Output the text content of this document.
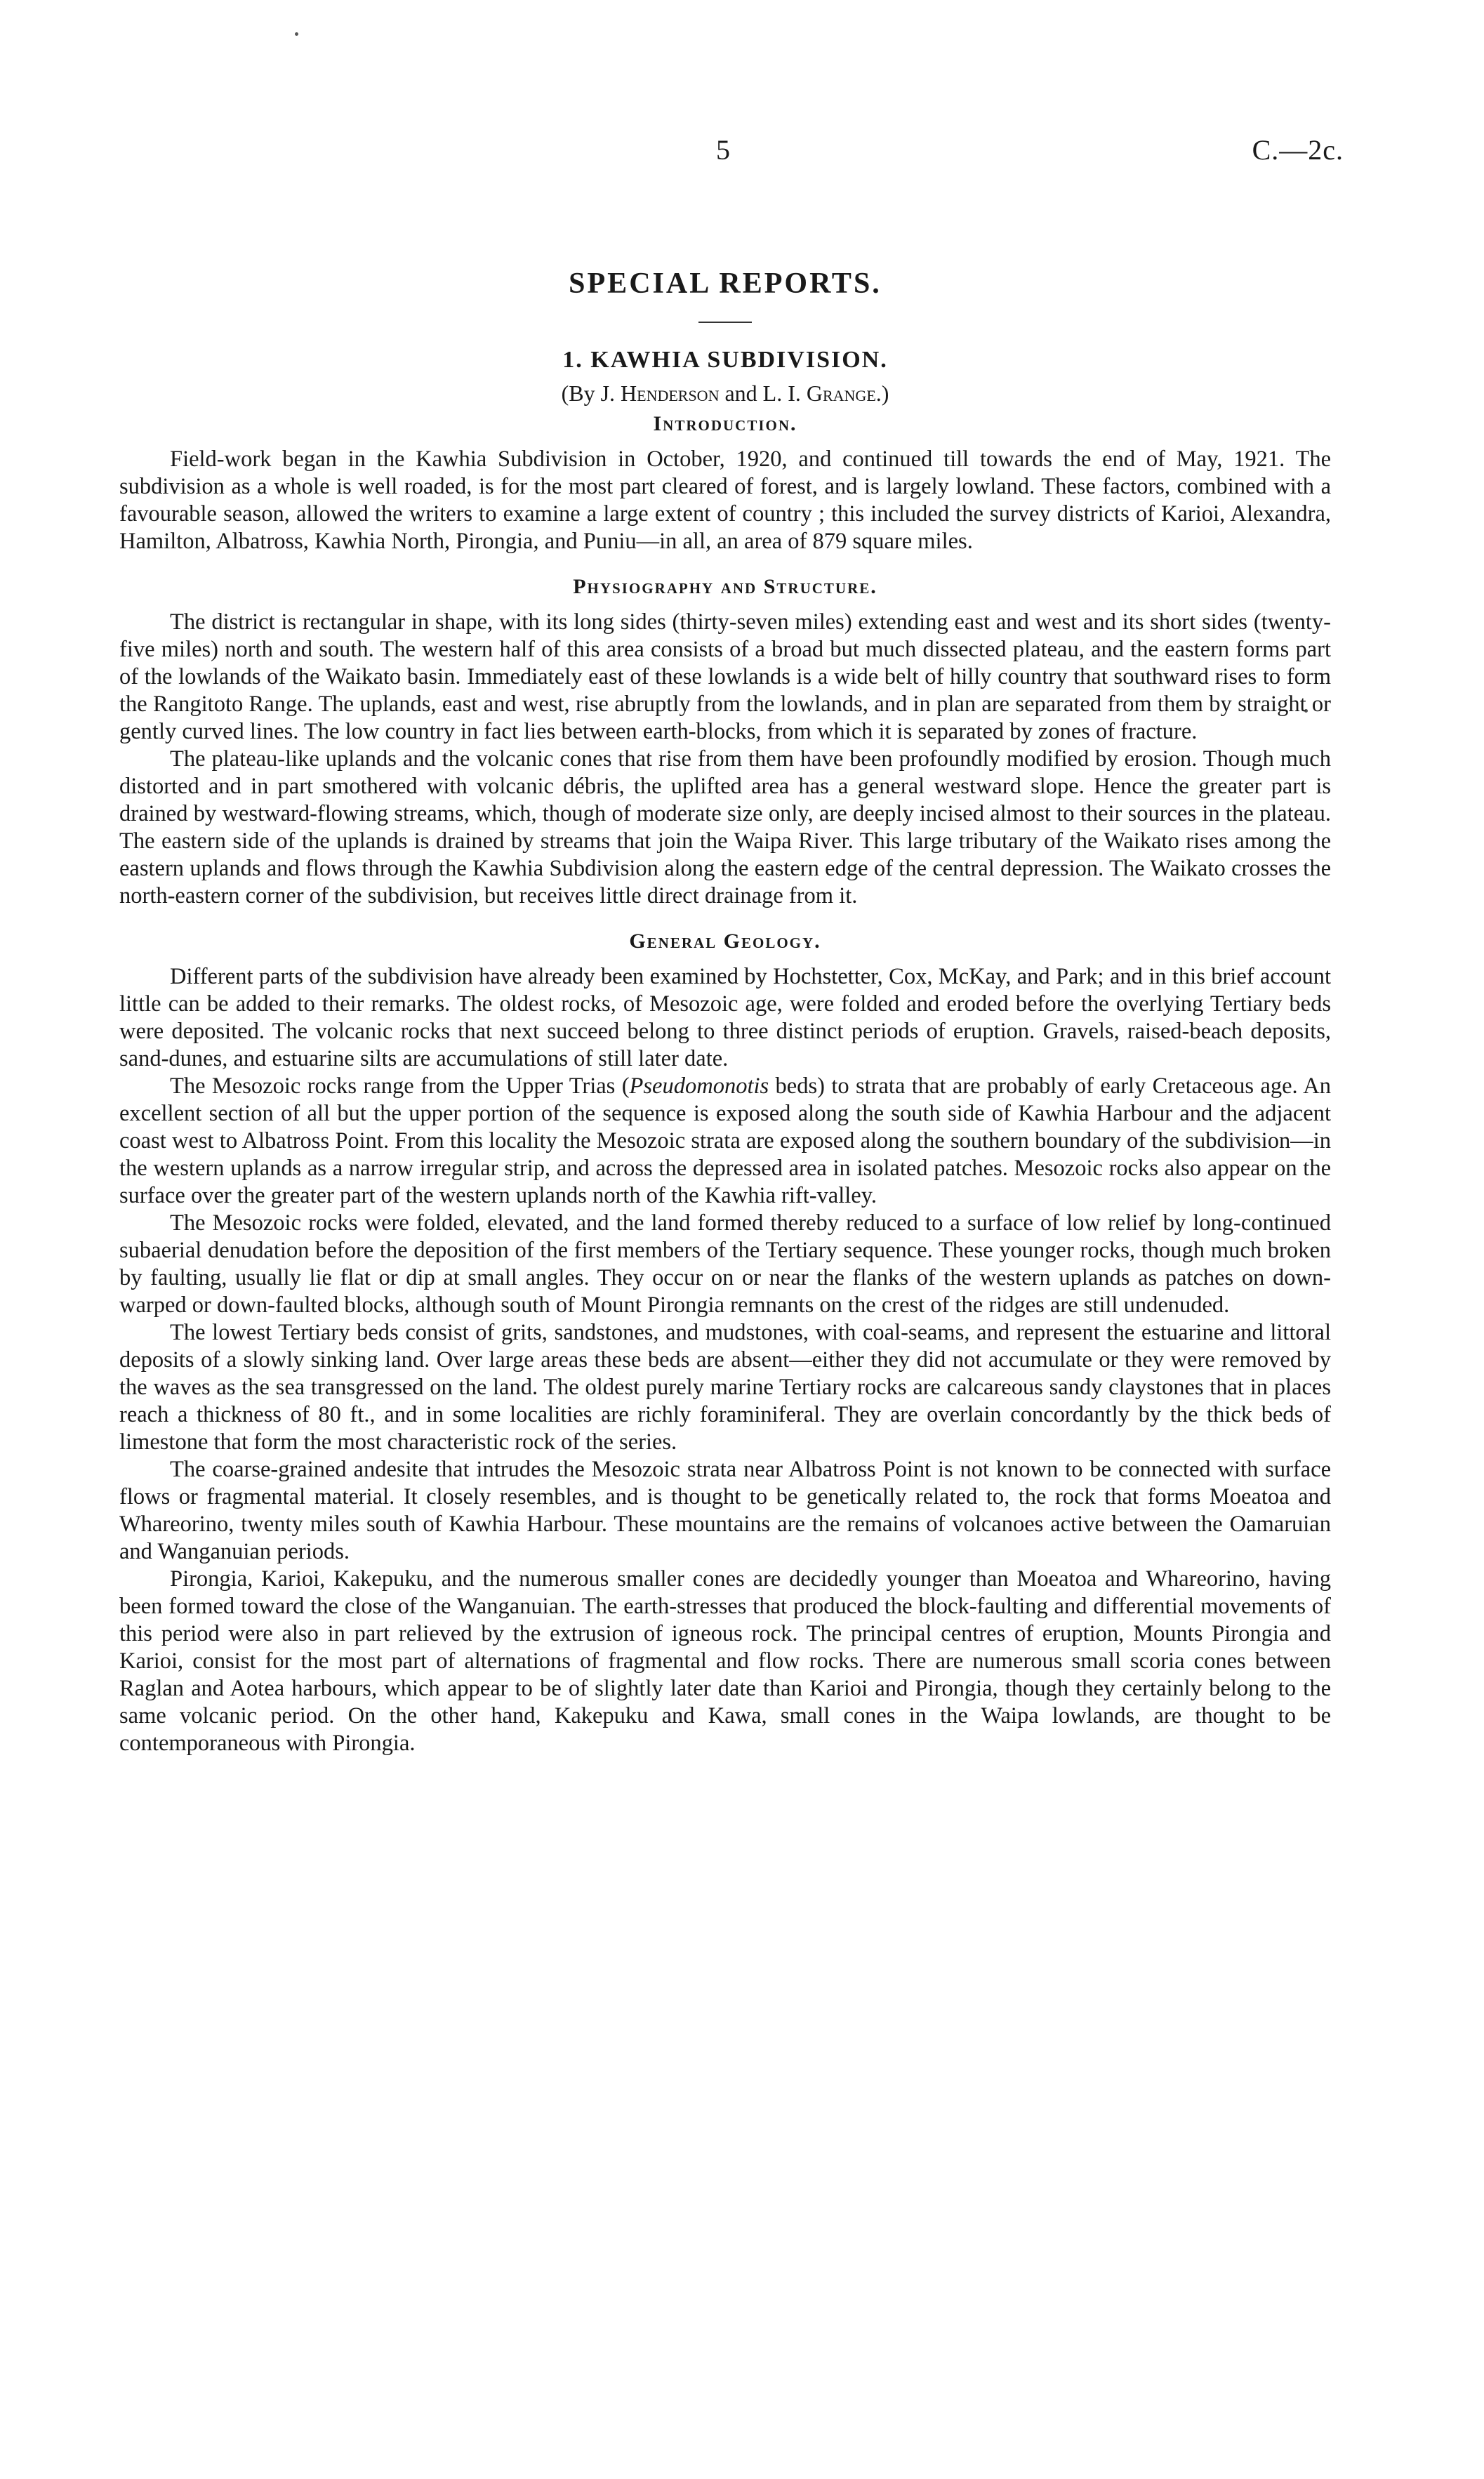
5	C.—2c.
SPECIAL REPORTS.
1. KAWHIA SUBDIVISION.
(By J. Henderson and L. I. Grange.)
Introduction.

Field-work began in the Kawhia Subdivision in October, 1920, and continued till towards the end of May, 1921. The subdivision as a whole is well roaded, is for the most part cleared of forest, and is largely lowland. These factors, combined with a favourable season, allowed the writers to examine a large extent of country ; this included the survey districts of Karioi, Alexandra, Hamilton, Albatross, Kawhia North, Pirongia, and Puniu—in all, an area of 879 square miles.

Physiography and Structure.

The district is rectangular in shape, with its long sides (thirty-seven miles) extending east and west and its short sides (twenty-five miles) north and south. The western half of this area consists of a broad but much dissected plateau, and the eastern forms part of the lowlands of the Waikato basin. Immediately east of these lowlands is a wide belt of hilly country that southward rises to form the Rangitoto Range. The uplands, east and west, rise abruptly from the lowlands, and in plan are separated from them by straight or gently curved lines. The low country in fact lies between earth-blocks, from which it is separated by zones of fracture.

The plateau-like uplands and the volcanic cones that rise from them have been profoundly modified by erosion. Though much distorted and in part smothered with volcanic débris, the uplifted area has a general westward slope. Hence the greater part is drained by westward-flowing streams, which, though of moderate size only, are deeply incised almost to their sources in the plateau. The eastern side of the uplands is drained by streams that join the Waipa River. This large tributary of the Waikato rises among the eastern uplands and flows through the Kawhia Subdivision along the eastern edge of the central depression. The Waikato crosses the north-eastern corner of the subdivision, but receives little direct drainage from it.

General Geology.

Different parts of the subdivision have already been examined by Hochstetter, Cox, McKay, and Park; and in this brief account little can be added to their remarks. The oldest rocks, of Mesozoic age, were folded and eroded before the overlying Tertiary beds were deposited. The volcanic rocks that next succeed belong to three distinct periods of eruption. Gravels, raised-beach deposits, sand-dunes, and estuarine silts are accumulations of still later date.

The Mesozoic rocks range from the Upper Trias (Pseudomonotis beds) to strata that are probably of early Cretaceous age. An excellent section of all but the upper portion of the sequence is exposed along the south side of Kawhia Harbour and the adjacent coast west to Albatross Point. From this locality the Mesozoic strata are exposed along the southern boundary of the subdivision—in the western uplands as a narrow irregular strip, and across the depressed area in isolated patches. Mesozoic rocks also appear on the surface over the greater part of the western uplands north of the Kawhia rift-valley.

The Mesozoic rocks were folded, elevated, and the land formed thereby reduced to a surface of low relief by long-continued subaerial denudation before the deposition of the first members of the Tertiary sequence. These younger rocks, though much broken by faulting, usually lie flat or dip at small angles. They occur on or near the flanks of the western uplands as patches on down-warped or down-faulted blocks, although south of Mount Pirongia remnants on the crest of the ridges are still undenuded.

The lowest Tertiary beds consist of grits, sandstones, and mudstones, with coal-seams, and represent the estuarine and littoral deposits of a slowly sinking land. Over large areas these beds are absent—either they did not accumulate or they were removed by the waves as the sea transgressed on the land. The oldest purely marine Tertiary rocks are calcareous sandy claystones that in places reach a thickness of 80 ft., and in some localities are richly foraminiferal. They are overlain concordantly by the thick beds of limestone that form the most characteristic rock of the series.

The coarse-grained andesite that intrudes the Mesozoic strata near Albatross Point is not known to be connected with surface flows or fragmental material. It closely resembles, and is thought to be genetically related to, the rock that forms Moeatoa and Whareorino, twenty miles south of Kawhia Harbour. These mountains are the remains of volcanoes active between the Oamaruian and Wanganuian periods.

Pirongia, Karioi, Kakepuku, and the numerous smaller cones are decidedly younger than Moeatoa and Whareorino, having been formed toward the close of the Wanganuian. The earth-stresses that produced the block-faulting and differential movements of this period were also in part relieved by the extrusion of igneous rock. The principal centres of eruption, Mounts Pirongia and Karioi, consist for the most part of alternations of fragmental and flow rocks. There are numerous small scoria cones between Raglan and Aotea harbours, which appear to be of slightly later date than Karioi and Pirongia, though they certainly belong to the same volcanic period. On the other hand, Kakepuku and Kawa, small cones in the Waipa lowlands, are thought to be contemporaneous with Pirongia.
